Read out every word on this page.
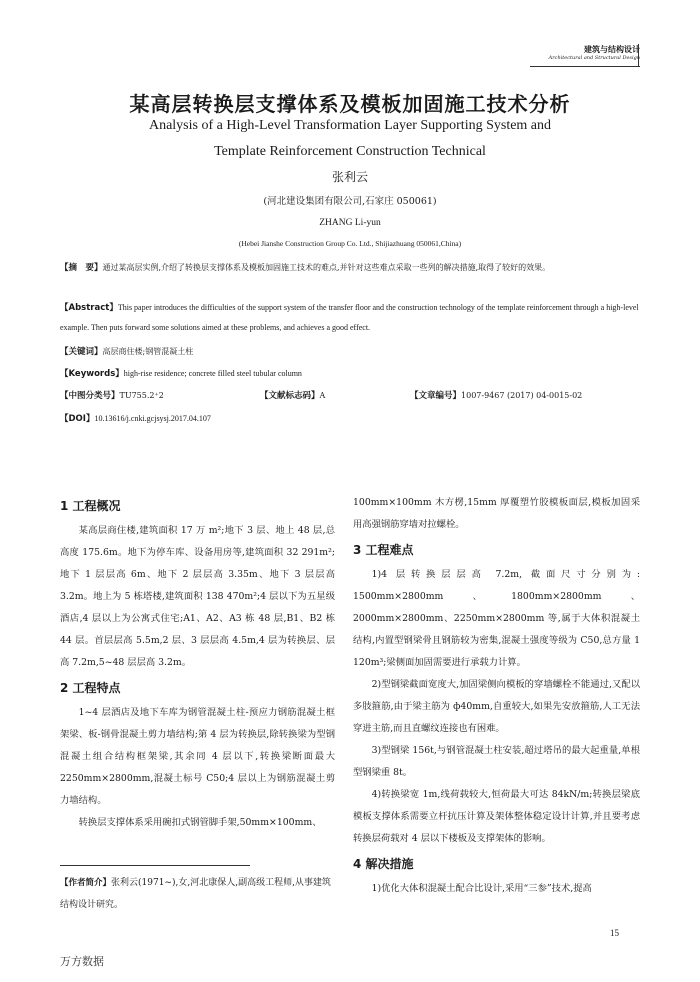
建筑与结构设计
Architectural and Structural Design
某高层转换层支撑体系及模板加固施工技术分析
Analysis of a High-Level Transformation Layer Supporting System and
Template Reinforcement Construction Technical
张利云
(河北建设集团有限公司,石家庄 050061)
ZHANG Li-yun
(Hebei Jianshe Construction Group Co. Ltd., Shijiazhuang 050061,China)
【摘　要】通过某高层实例,介绍了转换层支撑体系及模板加固施工技术的难点,并针对这些难点采取一些列的解决措施,取得了较好的效果。
【Abstract】This paper introduces the difficulties of the support system of the transfer floor and the construction technology of the template reinforcement through a high-level example. Then puts forward some solutions aimed at these problems, and achieves a good effect.
【关键词】高层商住楼;钢管混凝土柱
【Keywords】high-rise residence; concrete filled steel tubular column
【中图分类号】TU755.2⁺2	【文献标志码】A	【文章编号】1007-9467 (2017) 04-0015-02
【DOI】10.13616/j.cnki.gcjsysj.2017.04.107
1 工程概况

某高层商住楼,建筑面积 17 万 m²;地下 3 层、地上 48 层,总高度 175.6m。地下为停车库、设备用房等,建筑面积 32 291m²;地下 1 层层高 6m、地下 2 层层高 3.35m、地下 3 层层高 3.2m。地上为 5 栋塔楼,建筑面积 138 470m²;4 层以下为五星级酒店,4 层以上为公寓式住宅;A1、A2、A3 栋 48 层,B1、B2 栋 44 层。首层层高 5.5m,2 层、3 层层高 4.5m,4 层为转换层、层高 7.2m,5~48 层层高 3.2m。

2 工程特点

1~4 层酒店及地下车库为钢管混凝土柱-预应力钢筋混凝土框架梁、板-钢骨混凝土剪力墙结构;第 4 层为转换层,除转换梁为型钢混凝土组合结构框架梁,其余同 4 层以下,转换梁断面最大 2250mm×2800mm,混凝土标号 C50;4 层以上为钢筋混凝土剪力墙结构。

转换层支撑体系采用碗扣式钢管脚手架,50mm×100mm、

100mm×100mm 木方楞,15mm 厚覆塑竹胶模板面层,模板加固采用高强钢筋穿墙对拉螺栓。

3 工程难点

1)4 层转换层层高 7.2m, 截面尺寸分别为: 1500mm×2800mm、1800mm×2800mm、2000mm×2800mm、2250mm×2800mm 等,属于大体积混凝土结构,内置型钢梁骨且钢筋较为密集,混凝土强度等级为 C50,总方量 1 120m³;梁侧面加固需要进行承载力计算。

2)型钢梁截面宽度大,加固梁侧向模板的穿墙螺栓不能通过,又配以多肢箍筋,由于梁主筋为 ф40mm,自重较大,如果先安放箍筋,人工无法穿进主筋,而且直螺纹连接也有困难。

3)型钢梁 156t,与钢管混凝土柱安装,超过塔吊的最大起重量,单根型钢梁重 8t。

4)转换梁宽 1m,线荷载较大,恒荷最大可达 84kN/m;转换层梁底模板支撑体系需要立杆抗压计算及架体整体稳定设计计算,并且要考虑转换层荷载对 4 层以下楼板及支撑架体的影响。

4 解决措施

1)优化大体积混凝土配合比设计,采用“三参”技术,提高

【作者简介】张利云(1971~),女,河北康保人,副高级工程师,从事建筑结构设计研究。
15
万方数据
